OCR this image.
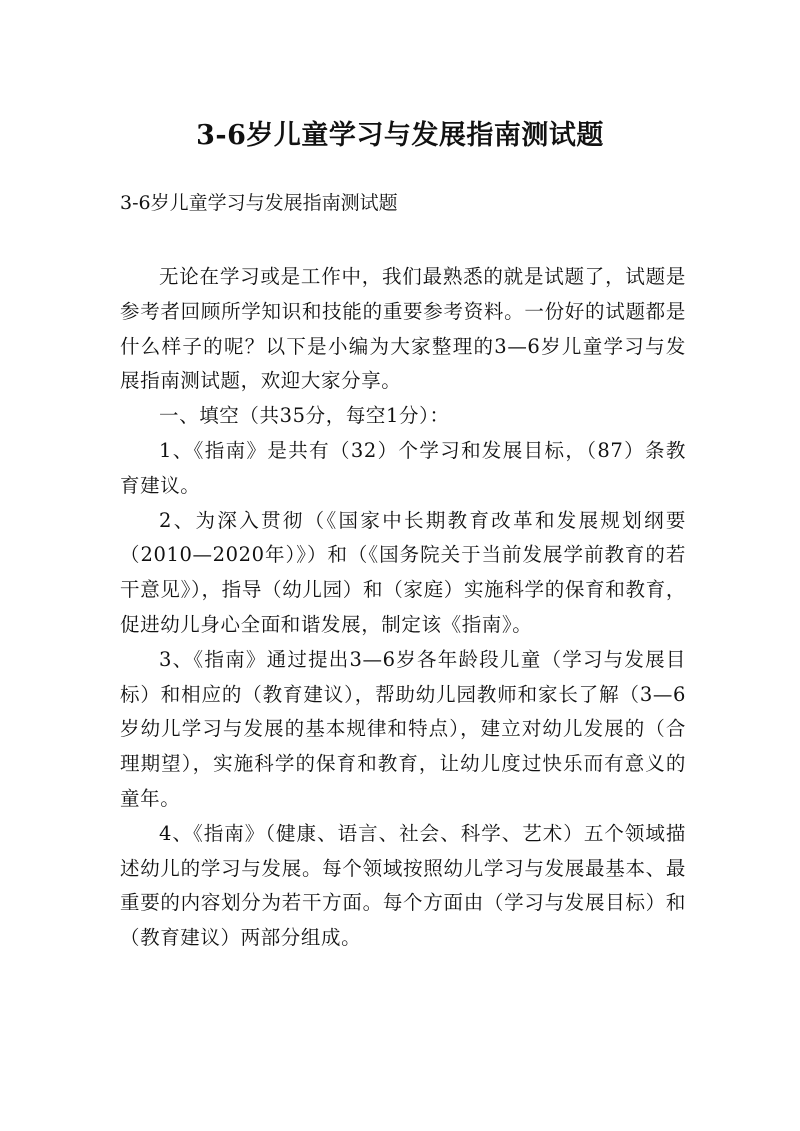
3-6岁儿童学习与发展指南测试题
3-6岁儿童学习与发展指南测试题

无论在学习或是工作中，我们最熟悉的就是试题了，试题是参考者回顾所学知识和技能的重要参考资料。一份好的试题都是什么样子的呢？以下是小编为大家整理的3—6岁儿童学习与发展指南测试题，欢迎大家分享。

一、填空（共35分，每空1分）：

1、《指南》是共有（32）个学习和发展目标，（87）条教育建议。

2、为深入贯彻（《国家中长期教育改革和发展规划纲要（2010—2020年）》）和（《国务院关于当前发展学前教育的若干意见》），指导（幼儿园）和（家庭）实施科学的保育和教育，促进幼儿身心全面和谐发展，制定该《指南》。

3、《指南》通过提出3—6岁各年龄段儿童（学习与发展目标）和相应的（教育建议），帮助幼儿园教师和家长了解（3—6岁幼儿学习与发展的基本规律和特点），建立对幼儿发展的（合理期望），实施科学的保育和教育，让幼儿度过快乐而有意义的童年。

4、《指南》（健康、语言、社会、科学、艺术）五个领域描述幼儿的学习与发展。每个领域按照幼儿学习与发展最基本、最重要的内容划分为若干方面。每个方面由（学习与发展目标）和（教育建议）两部分组成。
